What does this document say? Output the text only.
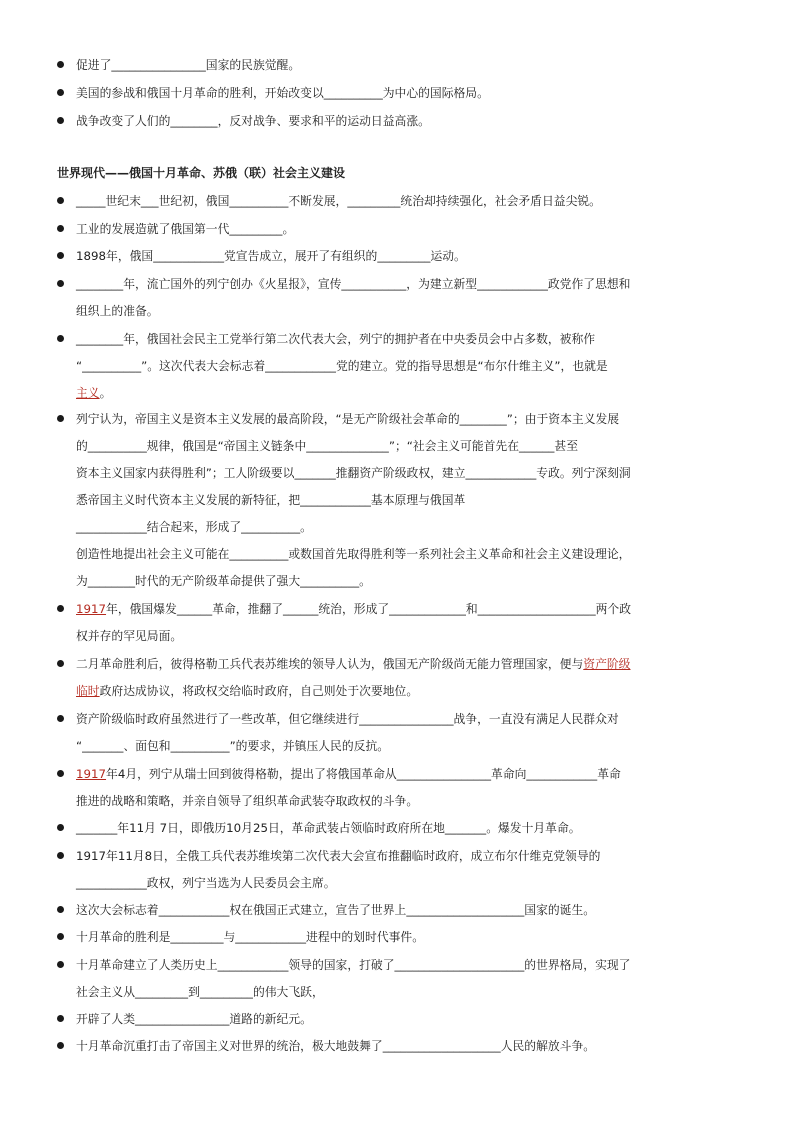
促进了________________国家的民族觉醒。
美国的参战和俄国十月革命的胜利，开始改变以__________为中心的国际格局。
战争改变了人们的________，反对战争、要求和平的运动日益高涨。
世界现代——俄国十月革命、苏俄（联）社会主义建设
_____世纪末___世纪初，俄国__________不断发展，_________统治却持续强化，社会矛盾日益尖锐。
工业的发展造就了俄国第一代_________。
1898年，俄国____________党宣告成立，展开了有组织的_________运动。
________年，流亡国外的列宁创办《火星报》，宣传___________，为建立新型____________政党作了思想和
组织上的准备。
________年，俄国社会民主工党举行第二次代表大会，列宁的拥护者在中央委员会中占多数，被称作
“__________”。这次代表大会标志着____________党的建立。党的指导思想是“布尔什维主义”，也就是
主义。
列宁认为，帝国主义是资本主义发展的最高阶段，“是无产阶级社会革命的________”；由于资本主义发展
的__________规律，俄国是“帝国主义链条中______________”；“社会主义可能首先在______甚至
资本主义国家内获得胜利”；工人阶级要以_______推翻资产阶级政权，建立____________专政。列宁深刻洞
悉帝国主义时代资本主义发展的新特征，把____________基本原理与俄国革
____________结合起来，形成了__________。
创造性地提出社会主义可能在__________或数国首先取得胜利等一系列社会主义革命和社会主义建设理论，
为________时代的无产阶级革命提供了强大__________。
1917年，俄国爆发______革命，推翻了______统治，形成了_____________和____________________两个政
权并存的罕见局面。
二月革命胜利后，彼得格勒工兵代表苏维埃的领导人认为，俄国无产阶级尚无能力管理国家，便与资产阶级
临时政府达成协议，将政权交给临时政府，自己则处于次要地位。
资产阶级临时政府虽然进行了一些改革，但它继续进行________________战争，一直没有满足人民群众对
“_______、面包和__________”的要求，并镇压人民的反抗。
1917年4月，列宁从瑞士回到彼得格勒，提出了将俄国革命从________________革命向____________革命
推进的战略和策略，并亲自领导了组织革命武装夺取政权的斗争。
_______年11月 7日，即俄历10月25日，革命武装占领临时政府所在地_______。爆发十月革命。
1917年11月8日，全俄工兵代表苏维埃第二次代表大会宣布推翻临时政府，成立布尔什维克党领导的
____________政权，列宁当选为人民委员会主席。
这次大会标志着____________权在俄国正式建立，宣告了世界上____________________国家的诞生。
十月革命的胜利是_________与____________进程中的划时代事件。
十月革命建立了人类历史上____________领导的国家，打破了______________________的世界格局，实现了
社会主义从_________到_________的伟大飞跃，
开辟了人类________________道路的新纪元。
十月革命沉重打击了帝国主义对世界的统治，极大地鼓舞了____________________人民的解放斗争。
